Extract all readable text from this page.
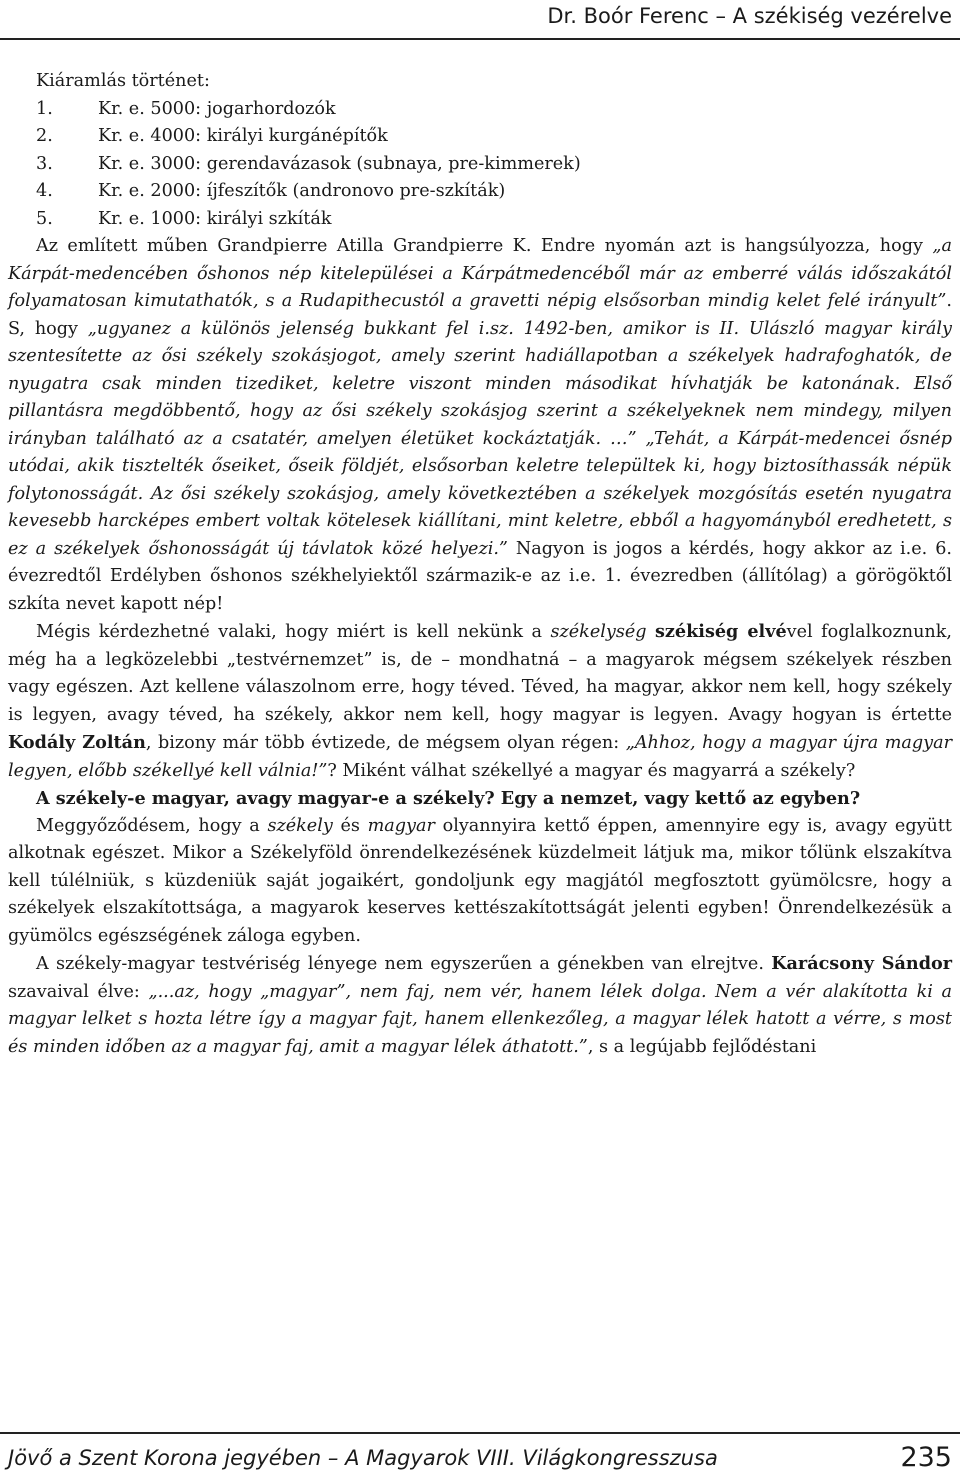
Dr. Boór Ferenc – A székiség vezérelve
Kiáramlás történet:
1.	Kr. e. 5000: jogarhordozók
2.	Kr. e. 4000: királyi kurgánépítők
3.	Kr. e. 3000: gerendavázasok (subnaya, pre-kimmerek)
4.	Kr. e. 2000: íjfeszítők (andronovo pre-szkíták)
5.	Kr. e. 1000: királyi szkíták

Az említett műben Grandpierre Atilla Grandpierre K. Endre nyomán azt is hangsúlyozza, hogy „a Kárpát-medencében őshonos nép kitelepülései a Kárpátmedencéből már az emberré válás időszakától folyamatosan kimutathatók, s a Rudapithecustól a gravetti népig elsősorban mindig kelet felé irányult”. S, hogy „ugyanez a különös jelenség bukkant fel i.sz. 1492-ben, amikor is II. Ulászló magyar király szentesítette az ősi székely szokásjogot, amely szerint hadiállapotban a székelyek hadrafoghatók, de nyugatra csak minden tizediket, keletre viszont minden másodikat hívhatják be katonának. Első pillantásra megdöbbentő, hogy az ősi székely szokásjog szerint a székelyeknek nem mindegy, milyen irányban található az a csatatér, amelyen életüket kockáztatják. …” „Tehát, a Kárpát-medencei ősnép utódai, akik tisztelték őseiket, őseik földjét, elsősorban keletre települtek ki, hogy biztosíthassák népük folytonosságát. Az ősi székely szokásjog, amely következtében a székelyek mozgósítás esetén nyugatra kevesebb harcképes embert voltak kötelesek kiállítani, mint keletre, ebből a hagyományból eredhetett, s ez a székelyek őshonosságát új távlatok közé helyezi.” Nagyon is jogos a kérdés, hogy akkor az i.e. 6. évezredtől Erdélyben őshonos székhelyiektől származik-e az i.e. 1. évezredben (állítólag) a görögöktől szkíta nevet kapott nép!

Mégis kérdezhetné valaki, hogy miért is kell nekünk a székelység székiség elvével foglalkoznunk, még ha a legközelebbi „testvérnemzet” is, de – mondhatná – a magyarok mégsem székelyek részben vagy egészen. Azt kellene válaszolnom erre, hogy téved. Téved, ha magyar, akkor nem kell, hogy székely is legyen, avagy téved, ha székely, akkor nem kell, hogy magyar is legyen. Avagy hogyan is értette Kodály Zoltán, bizony már több évtizede, de mégsem olyan régen: „Ahhoz, hogy a magyar újra magyar legyen, előbb székellyé kell válnia!”? Miként válhat székellyé a magyar és magyarrá a székely?

A székely-e magyar, avagy magyar-e a székely? Egy a nemzet, vagy kettő az egyben?

Meggyőződésem, hogy a székely és magyar olyannyira kettő éppen, amennyire egy is, avagy együtt alkotnak egészet. Mikor a Székelyföld önrendelkezésének küzdelmeit látjuk ma, mikor tőlünk elszakítva kell túlélniük, s küzdeniük saját jogaikért, gondoljunk egy magjától megfosztott gyümölcsre, hogy a székelyek elszakítottsága, a magyarok keserves kettészakítottságát jelenti egyben! Önrendelkezésük a gyümölcs egészségének záloga egyben.

A székely-magyar testvériség lényege nem egyszerűen a génekben van elrejtve. Karácsony Sándor szavaival élve: „...az, hogy „magyar”, nem faj, nem vér, hanem lélek dolga. Nem a vér alakította ki a magyar lelket s hozta létre így a magyar fajt, hanem ellenkezőleg, a magyar lélek hatott a vérre, s most és minden időben az a magyar faj, amit a magyar lélek áthatott.”, s a legújabb fejlődéstani

Jövő a Szent Korona jegyében – A Magyarok VIII. Világkongresszusa	235
